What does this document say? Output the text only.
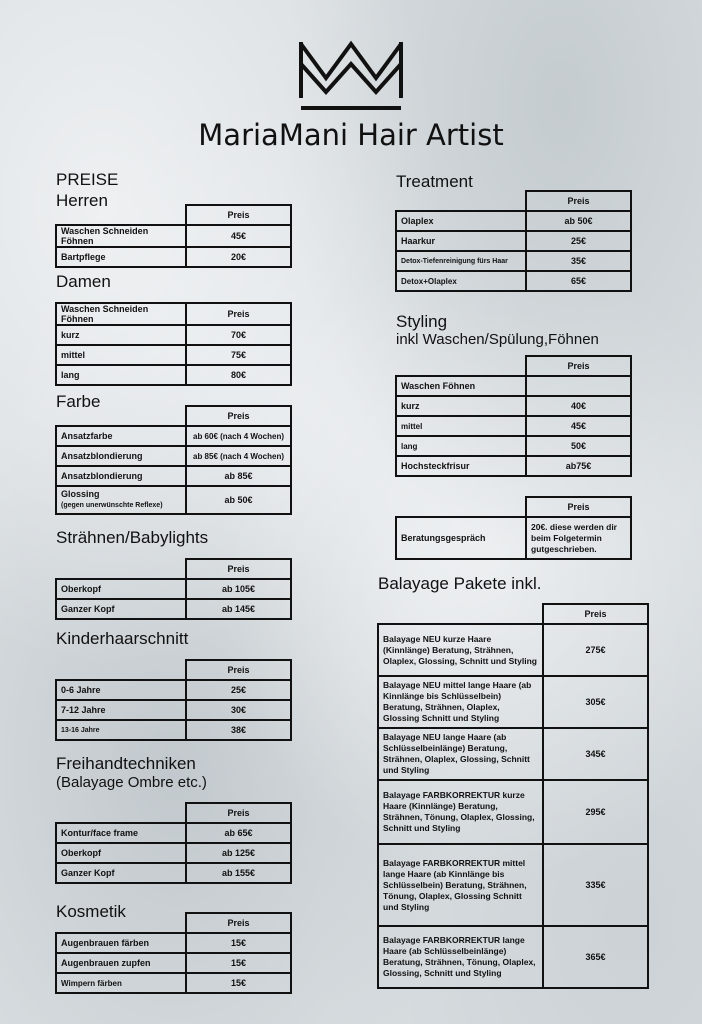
MariaMani Hair Artist
PREISE
Herren
	Preis
Waschen Schneiden Föhnen	45€
Bartpflege	20€
Damen
Waschen Schneiden Föhnen	Preis
kurz	70€
mittel	75€
lang	80€
Farbe
	Preis
Ansatzfarbe	ab 60€ (nach 4 Wochen)
Ansatzblondierung	ab 85€ (nach 4 Wochen)
Ansatzblondierung	ab 85€
Glossing
(gegen unerwünschte Reflexe)	ab 50€
Strähnen/Babylights
	Preis
Oberkopf	ab 105€
Ganzer Kopf	ab 145€
Kinderhaarschnitt
	Preis
0-6 Jahre	25€
7-12 Jahre	30€
13-16 Jahre	38€
Freihandtechniken
(Balayage Ombre etc.)
	Preis
Kontur/face frame	ab 65€
Oberkopf	ab 125€
Ganzer Kopf	ab 155€
Kosmetik
	Preis
Augenbrauen färben	15€
Augenbrauen zupfen	15€
Wimpern färben	15€
Treatment
	Preis
Olaplex	ab 50€
Haarkur	25€
Detox-Tiefenreinigung fürs Haar	35€
Detox+Olaplex	65€
Styling
inkl Waschen/Spülung,Föhnen
	Preis
Waschen Föhnen	
kurz	40€
mittel	45€
lang	50€
Hochsteckfrisur	ab75€
	Preis
Beratungsgespräch	20€. diese werden dir beim Folgetermin gutgeschrieben.
Balayage Pakete inkl.
	Preis
Balayage NEU kurze Haare (Kinnlänge) Beratung, Strähnen, Olaplex, Glossing, Schnitt und Styling	275€
Balayage NEU mittel lange Haare (ab Kinnlänge bis Schlüsselbein) Beratung, Strähnen, Olaplex, Glossing Schnitt und Styling	305€
Balayage NEU lange Haare (ab Schlüsselbeinlänge) Beratung, Strähnen, Olaplex, Glossing, Schnitt und Styling	345€
Balayage FARBKORREKTUR kurze Haare (Kinnlänge) Beratung, Strähnen, Tönung, Olaplex, Glossing, Schnitt und Styling	295€
Balayage FARBKORREKTUR mittel lange Haare (ab Kinnlänge bis Schlüsselbein) Beratung, Strähnen, Tönung, Olaplex, Glossing Schnitt und Styling	335€
Balayage FARBKORREKTUR lange Haare (ab Schlüsselbeinlänge) Beratung, Strähnen, Tönung, Olaplex, Glossing, Schnitt und Styling	365€
